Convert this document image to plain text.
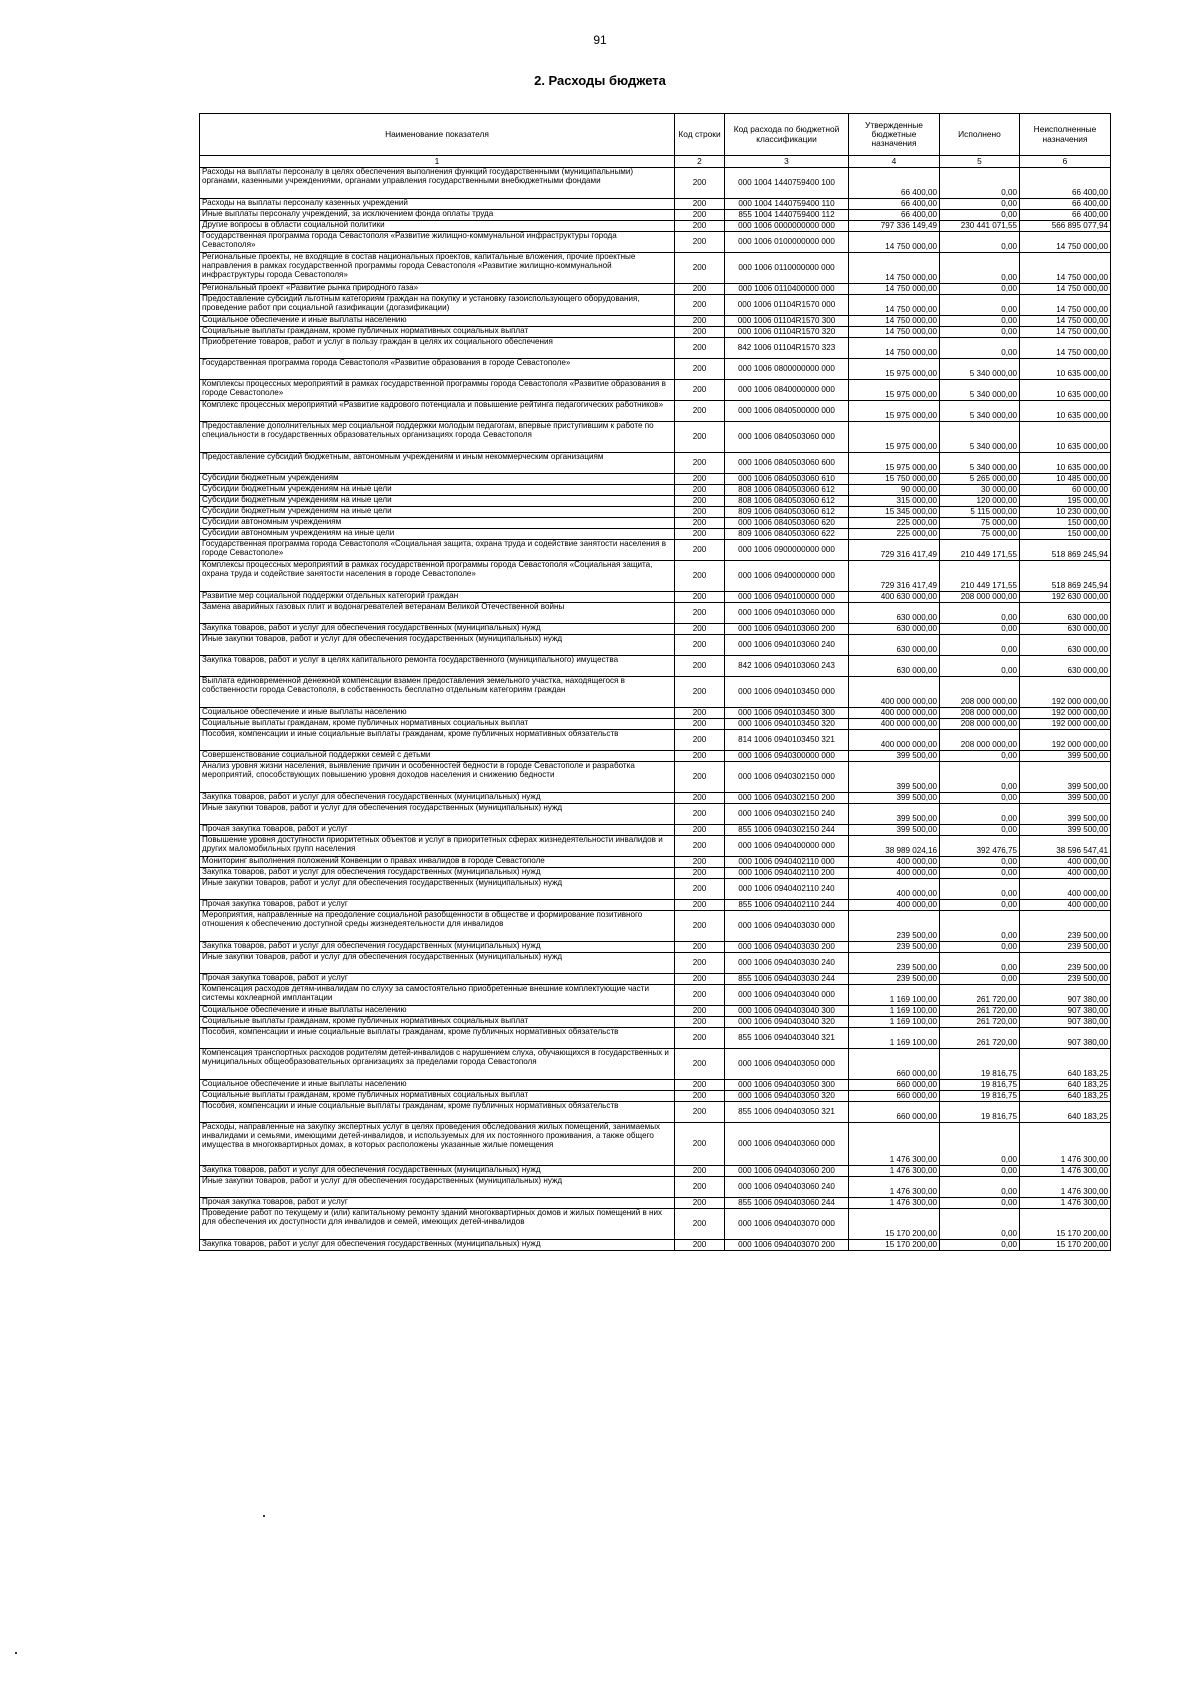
91
2. Расходы бюджета
Наименование показателя	Код строки	Код расхода по бюджетной классификации	Утвержденные бюджетные назначения	Исполнено	Неисполненные назначения
1	2	3	4	5	6
Расходы на выплаты персоналу в целях обеспечения выполнения функций государственными (муниципальными) органами, казенными учреждениями, органами управления государственными внебюджетными фондами	200	000 1004 1440759400 100	66 400,00	0,00	66 400,00
Расходы на выплаты персоналу казенных учреждений	200	000 1004 1440759400 110	66 400,00	0,00	66 400,00
Иные выплаты персоналу учреждений, за исключением фонда оплаты труда	200	855 1004 1440759400 112	66 400,00	0,00	66 400,00
Другие вопросы в области социальной политики	200	000 1006 0000000000 000	797 336 149,49	230 441 071,55	566 895 077,94
Государственная программа города Севастополя «Развитие жилищно-коммунальной инфраструктуры города Севастополя»	200	000 1006 0100000000 000	14 750 000,00	0,00	14 750 000,00
Региональные проекты, не входящие в состав национальных проектов, капитальные вложения, прочие проектные направления в рамках государственной программы города Севастополя «Развитие жилищно-коммунальной инфраструктуры города Севастополя»	200	000 1006 0110000000 000	14 750 000,00	0,00	14 750 000,00
Региональный проект «Развитие рынка природного газа»	200	000 1006 0110400000 000	14 750 000,00	0,00	14 750 000,00
Предоставление субсидий льготным категориям граждан на покупку и установку газоиспользующего оборудования, проведение работ при социальной газификации (догазификации)	200	000 1006 01104R1570 000	14 750 000,00	0,00	14 750 000,00
Социальное обеспечение и иные выплаты населению	200	000 1006 01104R1570 300	14 750 000,00	0,00	14 750 000,00
Социальные выплаты гражданам, кроме публичных нормативных социальных выплат	200	000 1006 01104R1570 320	14 750 000,00	0,00	14 750 000,00
Приобретение товаров, работ и услуг в пользу граждан в целях их социального обеспечения	200	842 1006 01104R1570 323	14 750 000,00	0,00	14 750 000,00
Государственная программа города Севастополя «Развитие образования в городе Севастополе»	200	000 1006 0800000000 000	15 975 000,00	5 340 000,00	10 635 000,00
Комплексы процессных мероприятий в рамках государственной программы города Севастополя «Развитие образования в городе Севастополе»	200	000 1006 0840000000 000	15 975 000,00	5 340 000,00	10 635 000,00
Комплекс процессных мероприятий «Развитие кадрового потенциала и повышение рейтинга педагогических работников»	200	000 1006 0840500000 000	15 975 000,00	5 340 000,00	10 635 000,00
Предоставление дополнительных мер социальной поддержки молодым педагогам, впервые приступившим к работе по специальности в государственных образовательных организациях города Севастополя	200	000 1006 0840503060 000	15 975 000,00	5 340 000,00	10 635 000,00
Предоставление субсидий бюджетным, автономным учреждениям и иным некоммерческим организациям	200	000 1006 0840503060 600	15 975 000,00	5 340 000,00	10 635 000,00
Субсидии бюджетным учреждениям	200	000 1006 0840503060 610	15 750 000,00	5 265 000,00	10 485 000,00
Субсидии бюджетным учреждениям на иные цели	200	808 1006 0840503060 612	90 000,00	30 000,00	60 000,00
Субсидии бюджетным учреждениям на иные цели	200	808 1006 0840503060 612	315 000,00	120 000,00	195 000,00
Субсидии бюджетным учреждениям на иные цели	200	809 1006 0840503060 612	15 345 000,00	5 115 000,00	10 230 000,00
Субсидии автономным учреждениям	200	000 1006 0840503060 620	225 000,00	75 000,00	150 000,00
Субсидии автономным учреждениям на иные цели	200	809 1006 0840503060 622	225 000,00	75 000,00	150 000,00
Государственная программа города Севастополя «Социальная защита, охрана труда и содействие занятости населения в городе Севастополе»	200	000 1006 0900000000 000	729 316 417,49	210 449 171,55	518 869 245,94
Комплексы процессных мероприятий в рамках государственной программы города Севастополя «Социальная защита, охрана труда и содействие занятости населения в городе Севастополе»	200	000 1006 0940000000 000	729 316 417,49	210 449 171,55	518 869 245,94
Развитие мер социальной поддержки отдельных категорий граждан	200	000 1006 0940100000 000	400 630 000,00	208 000 000,00	192 630 000,00
Замена аварийных газовых плит и водонагревателей ветеранам Великой Отечественной войны	200	000 1006 0940103060 000	630 000,00	0,00	630 000,00
Закупка товаров, работ и услуг для обеспечения государственных (муниципальных) нужд	200	000 1006 0940103060 200	630 000,00	0,00	630 000,00
Иные закупки товаров, работ и услуг для обеспечения государственных (муниципальных) нужд	200	000 1006 0940103060 240	630 000,00	0,00	630 000,00
Закупка товаров, работ и услуг в целях капитального ремонта государственного (муниципального) имущества	200	842 1006 0940103060 243	630 000,00	0,00	630 000,00
Выплата единовременной денежной компенсации взамен предоставления земельного участка, находящегося в собственности города Севастополя, в собственность бесплатно отдельным категориям граждан	200	000 1006 0940103450 000	400 000 000,00	208 000 000,00	192 000 000,00
Социальное обеспечение и иные выплаты населению	200	000 1006 0940103450 300	400 000 000,00	208 000 000,00	192 000 000,00
Социальные выплаты гражданам, кроме публичных нормативных социальных выплат	200	000 1006 0940103450 320	400 000 000,00	208 000 000,00	192 000 000,00
Пособия, компенсации и иные социальные выплаты гражданам, кроме публичных нормативных обязательств	200	814 1006 0940103450 321	400 000 000,00	208 000 000,00	192 000 000,00
Совершенствование социальной поддержки семей с детьми	200	000 1006 0940300000 000	399 500,00	0,00	399 500,00
Анализ уровня жизни населения, выявление причин и особенностей бедности в городе Севастополе и разработка мероприятий, способствующих повышению уровня доходов населения и снижению бедности	200	000 1006 0940302150 000	399 500,00	0,00	399 500,00
Закупка товаров, работ и услуг для обеспечения государственных (муниципальных) нужд	200	000 1006 0940302150 200	399 500,00	0,00	399 500,00
Иные закупки товаров, работ и услуг для обеспечения государственных (муниципальных) нужд	200	000 1006 0940302150 240	399 500,00	0,00	399 500,00
Прочая закупка товаров, работ и услуг	200	855 1006 0940302150 244	399 500,00	0,00	399 500,00
Повышение уровня доступности приоритетных объектов и услуг в приоритетных сферах жизнедеятельности инвалидов и других маломобильных групп населения	200	000 1006 0940400000 000	38 989 024,16	392 476,75	38 596 547,41
Мониторинг выполнения положений Конвенции о правах инвалидов в городе Севастополе	200	000 1006 0940402110 000	400 000,00	0,00	400 000,00
Закупка товаров, работ и услуг для обеспечения государственных (муниципальных) нужд	200	000 1006 0940402110 200	400 000,00	0,00	400 000,00
Иные закупки товаров, работ и услуг для обеспечения государственных (муниципальных) нужд	200	000 1006 0940402110 240	400 000,00	0,00	400 000,00
Прочая закупка товаров, работ и услуг	200	855 1006 0940402110 244	400 000,00	0,00	400 000,00
Мероприятия, направленные на преодоление социальной разобщенности в обществе и формирование позитивного отношения к обеспечению доступной среды жизнедеятельности для инвалидов	200	000 1006 0940403030 000	239 500,00	0,00	239 500,00
Закупка товаров, работ и услуг для обеспечения государственных (муниципальных) нужд	200	000 1006 0940403030 200	239 500,00	0,00	239 500,00
Иные закупки товаров, работ и услуг для обеспечения государственных (муниципальных) нужд	200	000 1006 0940403030 240	239 500,00	0,00	239 500,00
Прочая закупка товаров, работ и услуг	200	855 1006 0940403030 244	239 500,00	0,00	239 500,00
Компенсация расходов детям-инвалидам по слуху за самостоятельно приобретенные внешние комплектующие части системы кохлеарной имплантации	200	000 1006 0940403040 000	1 169 100,00	261 720,00	907 380,00
Социальное обеспечение и иные выплаты населению	200	000 1006 0940403040 300	1 169 100,00	261 720,00	907 380,00
Социальные выплаты гражданам, кроме публичных нормативных социальных выплат	200	000 1006 0940403040 320	1 169 100,00	261 720,00	907 380,00
Пособия, компенсации и иные социальные выплаты гражданам, кроме публичных нормативных обязательств	200	855 1006 0940403040 321	1 169 100,00	261 720,00	907 380,00
Компенсация транспортных расходов родителям детей-инвалидов с нарушением слуха, обучающихся в государственных и муниципальных общеобразовательных организациях за пределами города Севастополя	200	000 1006 0940403050 000	660 000,00	19 816,75	640 183,25
Социальное обеспечение и иные выплаты населению	200	000 1006 0940403050 300	660 000,00	19 816,75	640 183,25
Социальные выплаты гражданам, кроме публичных нормативных социальных выплат	200	000 1006 0940403050 320	660 000,00	19 816,75	640 183,25
Пособия, компенсации и иные социальные выплаты гражданам, кроме публичных нормативных обязательств	200	855 1006 0940403050 321	660 000,00	19 816,75	640 183,25
Расходы, направленные на закупку экспертных услуг в целях проведения обследования жилых помещений, занимаемых инвалидами и семьями, имеющими детей-инвалидов, и используемых для их постоянного проживания, а также общего имущества в многоквартирных домах, в которых расположены указанные жилые помещения	200	000 1006 0940403060 000	1 476 300,00	0,00	1 476 300,00
Закупка товаров, работ и услуг для обеспечения государственных (муниципальных) нужд	200	000 1006 0940403060 200	1 476 300,00	0,00	1 476 300,00
Иные закупки товаров, работ и услуг для обеспечения государственных (муниципальных) нужд	200	000 1006 0940403060 240	1 476 300,00	0,00	1 476 300,00
Прочая закупка товаров, работ и услуг	200	855 1006 0940403060 244	1 476 300,00	0,00	1 476 300,00
Проведение работ по текущему и (или) капитальному ремонту зданий многоквартирных домов и жилых помещений в них для обеспечения их доступности для инвалидов и семей, имеющих детей-инвалидов	200	000 1006 0940403070 000	15 170 200,00	0,00	15 170 200,00
Закупка товаров, работ и услуг для обеспечения государственных (муниципальных) нужд	200	000 1006 0940403070 200	15 170 200,00	0,00	15 170 200,00
